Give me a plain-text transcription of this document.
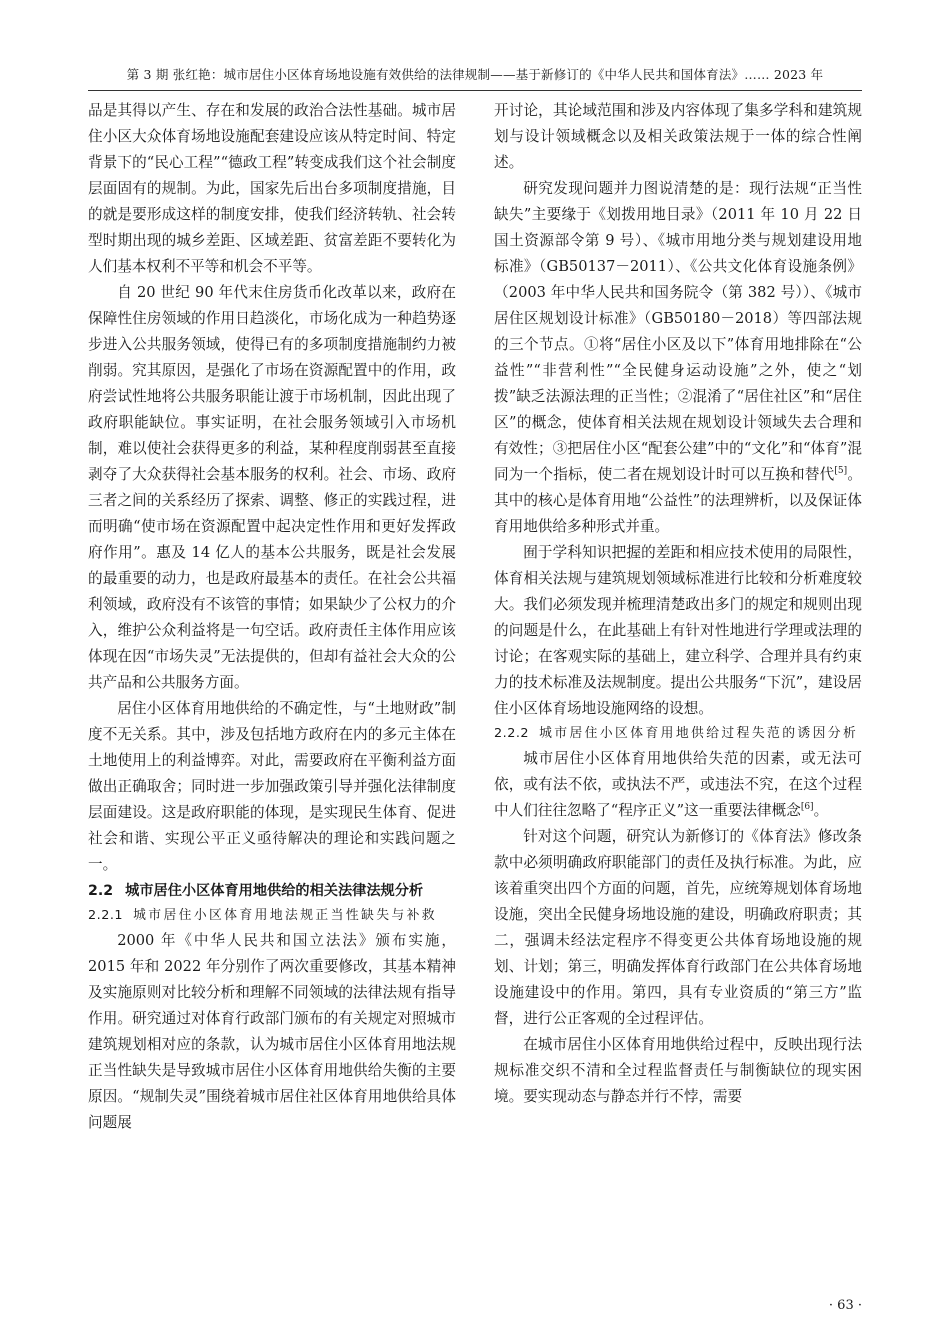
第 3 期 张红艳：城市居住小区体育场地设施有效供给的法律规制——基于新修订的《中华人民共和国体育法》…… 2023 年

品是其得以产生、存在和发展的政治合法性基础。城市居住小区大众体育场地设施配套建设应该从特定时间、特定背景下的“民心工程”“德政工程”转变成我们这个社会制度层面固有的规制。为此，国家先后出台多项制度措施，目的就是要形成这样的制度安排，使我们经济转轨、社会转型时期出现的城乡差距、区域差距、贫富差距不要转化为人们基本权利不平等和机会不平等。

自 20 世纪 90 年代末住房货币化改革以来，政府在保障性住房领域的作用日趋淡化，市场化成为一种趋势逐步进入公共服务领域，使得已有的多项制度措施制约力被削弱。究其原因，是强化了市场在资源配置中的作用，政府尝试性地将公共服务职能让渡于市场机制，因此出现了政府职能缺位。事实证明，在社会服务领域引入市场机制，难以使社会获得更多的利益，某种程度削弱甚至直接剥夺了大众获得社会基本服务的权利。社会、市场、政府三者之间的关系经历了探索、调整、修正的实践过程，进而明确“使市场在资源配置中起决定性作用和更好发挥政府作用”。惠及 14 亿人的基本公共服务，既是社会发展的最重要的动力，也是政府最基本的责任。在社会公共福利领域，政府没有不该管的事情；如果缺少了公权力的介入，维护公众利益将是一句空话。政府责任主体作用应该体现在因“市场失灵”无法提供的，但却有益社会大众的公共产品和公共服务方面。

居住小区体育用地供给的不确定性，与“土地财政”制度不无关系。其中，涉及包括地方政府在内的多元主体在土地使用上的利益博弈。对此，需要政府在平衡利益方面做出正确取舍；同时进一步加强政策引导并强化法律制度层面建设。这是政府职能的体现，是实现民生体育、促进社会和谐、实现公平正义亟待解决的理论和实践问题之一。

2.2 城市居住小区体育用地供给的相关法律法规分析
2.2.1 城市居住小区体育用地法规正当性缺失与补救

2000 年《中华人民共和国立法法》颁布实施，2015 年和 2022 年分别作了两次重要修改，其基本精神及实施原则对比较分析和理解不同领域的法律法规有指导作用。研究通过对体育行政部门颁布的有关规定对照城市建筑规划相对应的条款，认为城市居住小区体育用地法规正当性缺失是导致城市居住小区体育用地供给失衡的主要原因。“规制失灵”围绕着城市居住社区体育用地供给具体问题展

开讨论，其论域范围和涉及内容体现了集多学科和建筑规划与设计领域概念以及相关政策法规于一体的综合性阐述。

研究发现问题并力图说清楚的是：现行法规“正当性缺失”主要缘于《划拨用地目录》（2011 年 10 月 22 日国土资源部令第 9 号）、《城市用地分类与规划建设用地标准》（GB50137－2011）、《公共文化体育设施条例》（2003 年中华人民共和国务院令（第 382 号））、《城市居住区规划设计标准》（GB50180－2018）等四部法规的三个节点。①将“居住小区及以下”体育用地排除在“公益性”“非营利性”“全民健身运动设施”之外，使之“划拨”缺乏法源法理的正当性；②混淆了“居住社区”和“居住区”的概念，使体育相关法规在规划设计领域失去合理和有效性；③把居住小区“配套公建”中的“文化”和“体育”混同为一个指标，使二者在规划设计时可以互换和替代[5]。其中的核心是体育用地“公益性”的法理辨析，以及保证体育用地供给多种形式并重。

囿于学科知识把握的差距和相应技术使用的局限性，体育相关法规与建筑规划领域标准进行比较和分析难度较大。我们必须发现并梳理清楚政出多门的规定和规则出现的问题是什么，在此基础上有针对性地进行学理或法理的讨论；在客观实际的基础上，建立科学、合理并具有约束力的技术标准及法规制度。提出公共服务“下沉”，建设居住小区体育场地设施网络的设想。

2.2.2 城市居住小区体育用地供给过程失范的诱因分析

城市居住小区体育用地供给失范的因素，或无法可依，或有法不依，或执法不严，或违法不究，在这个过程中人们往往忽略了“程序正义”这一重要法律概念[6]。

针对这个问题，研究认为新修订的《体育法》修改条款中必须明确政府职能部门的责任及执行标准。为此，应该着重突出四个方面的问题，首先，应统筹规划体育场地设施，突出全民健身场地设施的建设，明确政府职责；其二，强调未经法定程序不得变更公共体育场地设施的规划、计划；第三，明确发挥体育行政部门在公共体育场地设施建设中的作用。第四，具有专业资质的“第三方”监督，进行公正客观的全过程评估。

在城市居住小区体育用地供给过程中，反映出现行法规标准交织不清和全过程监督责任与制衡缺位的现实困境。要实现动态与静态并行不悖，需要

· 63 ·
